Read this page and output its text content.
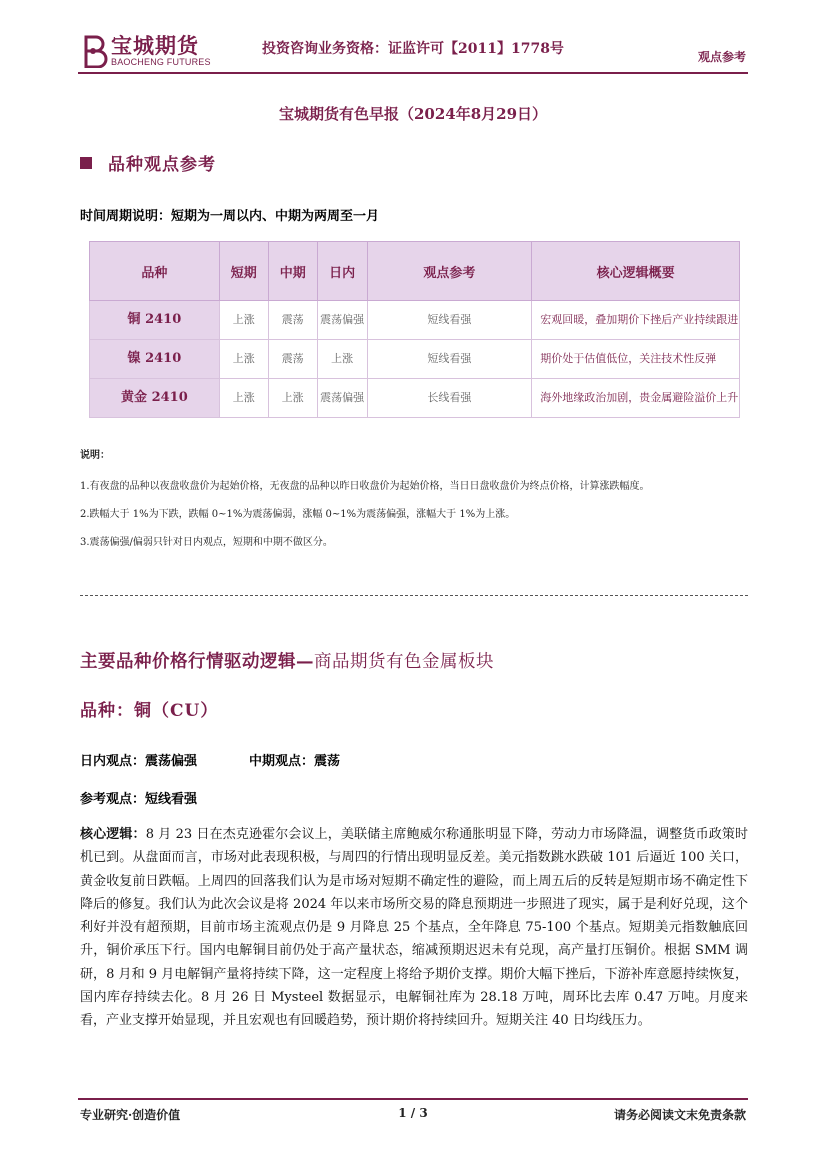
宝城期货
BAOCHENG FUTURES
投资咨询业务资格：证监许可【2011】1778号	观点参考
宝城期货有色早报（2024年8月29日）
品种观点参考
时间周期说明：短期为一周以内、中期为两周至一月
品种	短期	中期	日内	观点参考	核心逻辑概要
铜 2410	上涨	震荡	震荡偏强	短线看强	宏观回暖，叠加期价下挫后产业持续跟进
镍 2410	上涨	震荡	上涨	短线看强	期价处于估值低位，关注技术性反弹
黄金 2410	上涨	上涨	震荡偏强	长线看强	海外地缘政治加剧，贵金属避险溢价上升
说明：

1.有夜盘的品种以夜盘收盘价为起始价格，无夜盘的品种以昨日收盘价为起始价格，当日日盘收盘价为终点价格，计算涨跌幅度。

2.跌幅大于 1%为下跌，跌幅 0~1%为震荡偏弱，涨幅 0~1%为震荡偏强，涨幅大于 1%为上涨。

3.震荡偏强/偏弱只针对日内观点，短期和中期不做区分。

主要品种价格行情驱动逻辑—商品期货有色金属板块
品种：铜（CU）
日内观点：震荡偏强	中期观点：震荡
参考观点：短线看强
核心逻辑：8 月 23 日在杰克逊霍尔会议上，美联储主席鲍威尔称通胀明显下降，劳动力市场降温，调整货币政策时机已到。从盘面而言，市场对此表现积极，与周四的行情出现明显反差。美元指数跳水跌破 101 后逼近 100 关口，黄金收复前日跌幅。上周四的回落我们认为是市场对短期不确定性的避险，而上周五后的反转是短期市场不确定性下降后的修复。我们认为此次会议是将 2024 年以来市场所交易的降息预期进一步照进了现实，属于是利好兑现，这个利好并没有超预期，目前市场主流观点仍是 9 月降息 25 个基点，全年降息 75-100 个基点。短期美元指数触底回升，铜价承压下行。国内电解铜目前仍处于高产量状态，缩减预期迟迟未有兑现，高产量打压铜价。根据 SMM 调研，8 月和 9 月电解铜产量将持续下降，这一定程度上将给予期价支撑。期价大幅下挫后，下游补库意愿持续恢复，国内库存持续去化。8 月 26 日 Mysteel 数据显示，电解铜社库为 28.18 万吨，周环比去库 0.47 万吨。月度来看，产业支撑开始显现，并且宏观也有回暖趋势，预计期价将持续回升。短期关注 40 日均线压力。
专业研究·创造价值	1 / 3	请务必阅读文末免责条款
